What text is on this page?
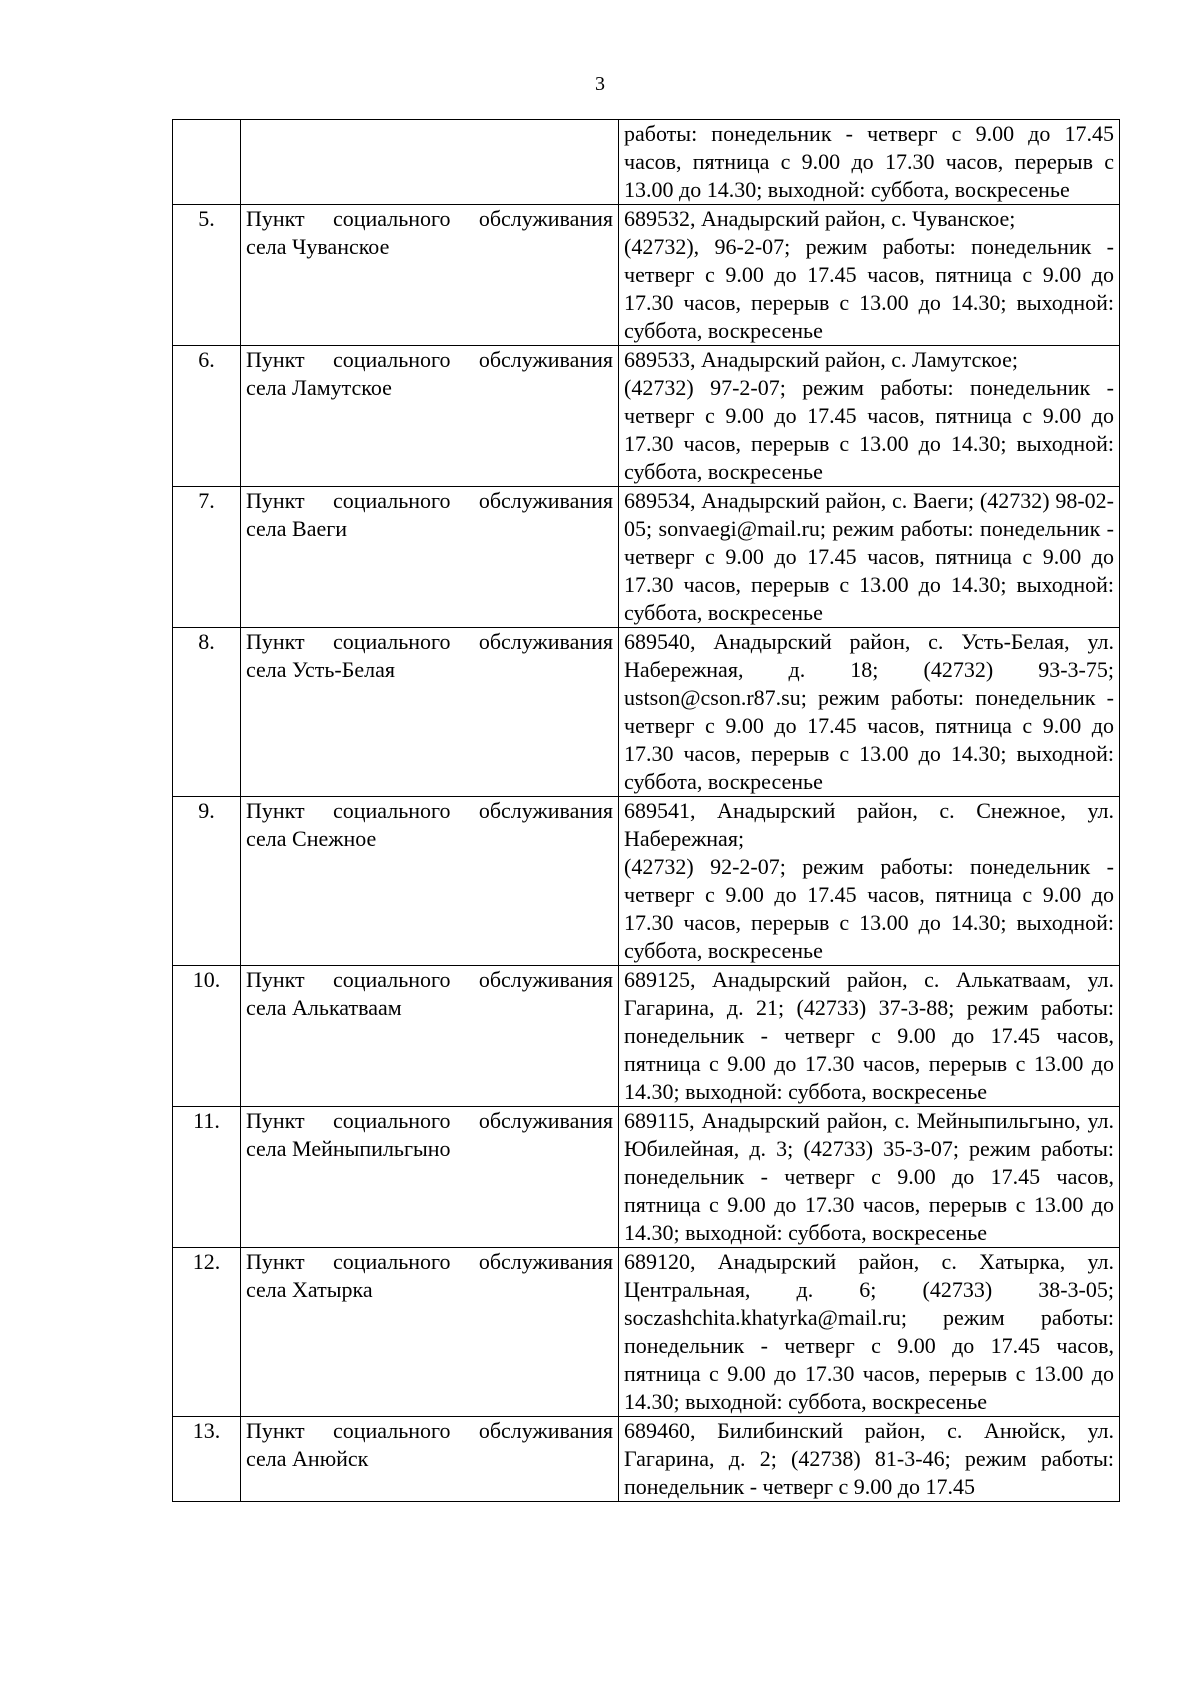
3

		работы: понедельник - четверг с 9.00 до 17.45 часов, пятница с 9.00 до 17.30 часов, перерыв с 13.00 до 14.30; выходной: суббота, воскресенье

5.	Пункт социального обслуживания села Чуванское	689532, Анадырский район, с. Чуванское;
(42732), 96-2-07; режим работы: понедельник - четверг с 9.00 до 17.45 часов, пятница с 9.00 до 17.30 часов, перерыв с 13.00 до 14.30; выходной: суббота, воскресенье

6.	Пункт социального обслуживания села Ламутское	689533, Анадырский район, с. Ламутское;
(42732) 97-2-07; режим работы: понедельник - четверг с 9.00 до 17.45 часов, пятница с 9.00 до 17.30 часов, перерыв с 13.00 до 14.30; выходной: суббота, воскресенье

7.	Пункт социального обслуживания села Ваеги	689534, Анадырский район, с. Ваеги; (42732) 98-02-05; sonvaegi@mail.ru; режим работы: понедельник - четверг с 9.00 до 17.45 часов, пятница с 9.00 до 17.30 часов, перерыв с 13.00 до 14.30; выходной: суббота, воскресенье

8.	Пункт социального обслуживания села Усть-Белая	689540, Анадырский район, с. Усть-Белая, ул. Набережная, д. 18; (42732) 93-3-75; ustson@cson.r87.su; режим работы: понедельник - четверг с 9.00 до 17.45 часов, пятница с 9.00 до 17.30 часов, перерыв с 13.00 до 14.30; выходной: суббота, воскресенье

9.	Пункт социального обслуживания села Снежное	689541, Анадырский район, с. Снежное, ул. Набережная;
(42732) 92-2-07; режим работы: понедельник - четверг с 9.00 до 17.45 часов, пятница с 9.00 до 17.30 часов, перерыв с 13.00 до 14.30; выходной: суббота, воскресенье

10.	Пункт социального обслуживания села Алькатваам	689125, Анадырский район, с. Алькатваам, ул. Гагарина, д. 21; (42733) 37-3-88; режим работы: понедельник - четверг с 9.00 до 17.45 часов, пятница с 9.00 до 17.30 часов, перерыв с 13.00 до 14.30; выходной: суббота, воскресенье

11.	Пункт социального обслуживания села Мейныпильгыно	689115, Анадырский район, с. Мейныпильгыно, ул. Юбилейная, д. 3; (42733) 35-3-07; режим работы: понедельник - четверг с 9.00 до 17.45 часов, пятница с 9.00 до 17.30 часов, перерыв с 13.00 до 14.30; выходной: суббота, воскресенье

12.	Пункт социального обслуживания села Хатырка	689120, Анадырский район, с. Хатырка, ул. Центральная, д. 6; (42733) 38-3-05; soczashchita.khatyrka@mail.ru; режим работы: понедельник - четверг с 9.00 до 17.45 часов, пятница с 9.00 до 17.30 часов, перерыв с 13.00 до 14.30; выходной: суббота, воскресенье

13.	Пункт социального обслуживания села Анюйск	689460, Билибинский район, с. Анюйск, ул. Гагарина, д. 2; (42738) 81-3-46; режим работы: понедельник - четверг с 9.00 до 17.45
